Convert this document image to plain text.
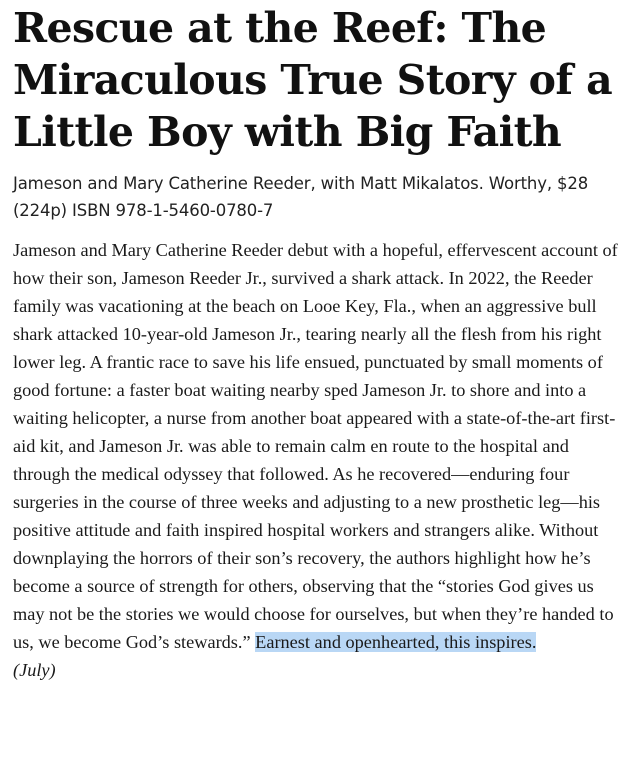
Rescue at the Reef: The Miraculous True Story of a Little Boy with Big Faith

Jameson and Mary Catherine Reeder, with Matt Mikalatos. Worthy, $28 (224p) ISBN 978-1-5460-0780-7

Jameson and Mary Catherine Reeder debut with a hopeful, effervescent account of how their son, Jameson Reeder Jr., survived a shark attack. In 2022, the Reeder family was vacationing at the beach on Looe Key, Fla., when an aggressive bull shark attacked 10-year-old Jameson Jr., tearing nearly all the flesh from his right lower leg. A frantic race to save his life ensued, punctuated by small moments of good fortune: a faster boat waiting nearby sped Jameson Jr. to shore and into a waiting helicopter, a nurse from another boat appeared with a state-of-the-art first-aid kit, and Jameson Jr. was able to remain calm en route to the hospital and through the medical odyssey that followed. As he recovered—enduring four surgeries in the course of three weeks and adjusting to a new prosthetic leg—his positive attitude and faith inspired hospital workers and strangers alike. Without downplaying the horrors of their son’s recovery, the authors highlight how he’s become a source of strength for others, observing that the “stories God gives us may not be the stories we would choose for ourselves, but when they’re handed to us, we become God’s stewards.” Earnest and openhearted, this inspires.
(July)
